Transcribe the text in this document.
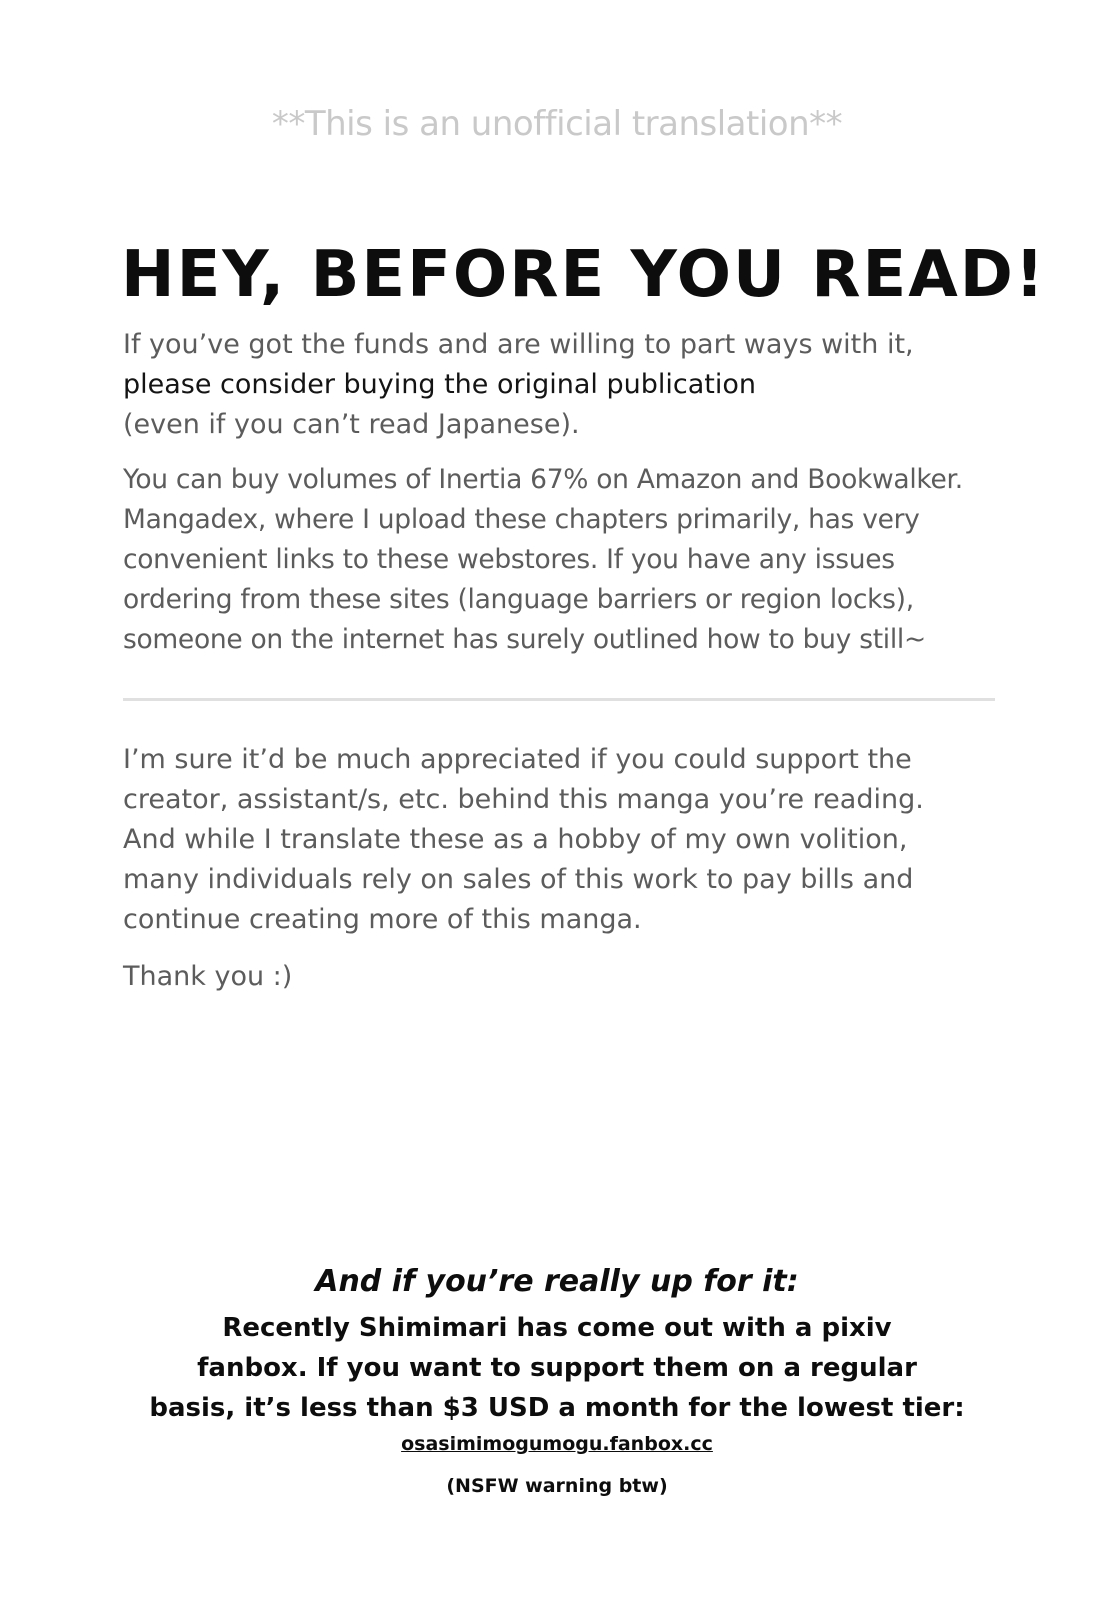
**This is an unofficial translation**
HEY, BEFORE YOU READ!
If you’ve got the funds and are willing to part ways with it,
please consider buying the original publication
(even if you can’t read Japanese).
You can buy volumes of Inertia 67% on Amazon and Bookwalker.
Mangadex, where I upload these chapters primarily, has very
convenient links to these webstores. If you have any issues
ordering from these sites (language barriers or region locks),
someone on the internet has surely outlined how to buy still~
I’m sure it’d be much appreciated if you could support the
creator, assistant/s, etc. behind this manga you’re reading.
And while I translate these as a hobby of my own volition,
many individuals rely on sales of this work to pay bills and
continue creating more of this manga.
Thank you :)
And if you’re really up for it:
Recently Shimimari has come out with a pixiv
fanbox. If you want to support them on a regular
basis, it’s less than $3 USD a month for the lowest tier:
osasimimogumogu.fanbox.cc
(NSFW warning btw)
